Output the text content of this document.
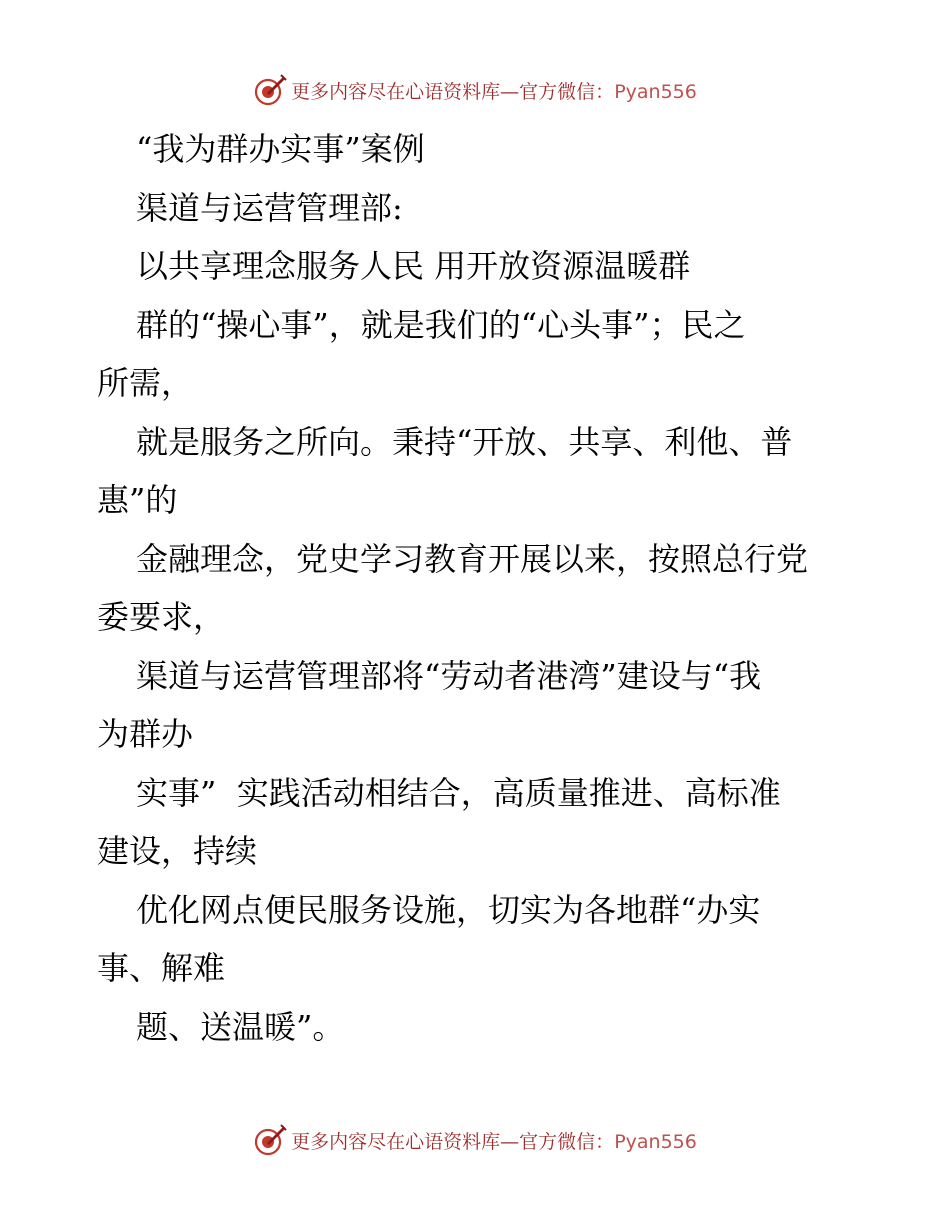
更多内容尽在心语资料库—官方微信：Pyan556

“我为群办实事”案例

渠道与运营管理部:

以共享理念服务人民 用开放资源温暖群

群的“操心事”，就是我们的“心头事”；民之

所需，

就是服务之所向。秉持“开放、共享、利他、普

惠”的

金融理念，党史学习教育开展以来，按照总行党

委要求，

渠道与运营管理部将“劳动者港湾”建设与“我

为群办

实事”  实践活动相结合，高质量推进、高标准

建设，持续

优化网点便民服务设施，切实为各地群“办实

事、解难

题、送温暖”。

更多内容尽在心语资料库—官方微信：Pyan556
